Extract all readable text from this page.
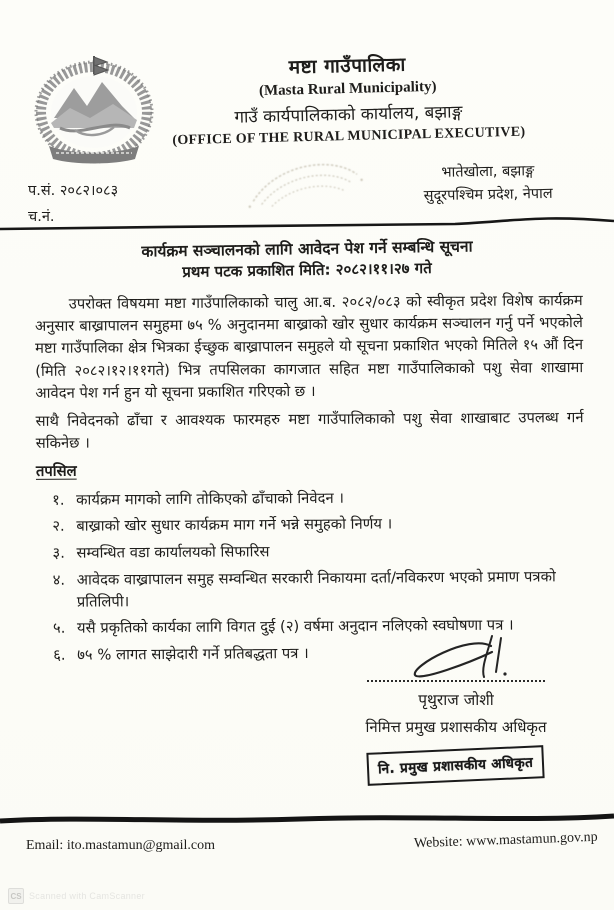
मष्टा गाउँपालिका
(Masta Rural Municipality)
गाउँ कार्यपालिकाको कार्यालय, बझाङ्ग
(OFFICE OF THE RURAL MUNICIPAL EXECUTIVE)
प.सं. २०८२।०८३
च.नं.
भातेखोला, बझाङ्ग
सुदूरपश्चिम प्रदेश, नेपाल
कार्यक्रम सञ्चालनको लागि आवेदन पेश गर्ने सम्बन्धि सूचना
प्रथम पटक प्रकाशित मिति: २०८२।११।२७ गते

उपरोक्त विषयमा मष्टा गाउँपालिकाको चालु आ.ब. २०८२/०८३ को स्वीकृत प्रदेश विशेष कार्यक्रम अनुसार बाख्रापालन समुहमा ७५ % अनुदानमा बाख्राको खोर सुधार कार्यक्रम सञ्चालन गर्नु पर्ने भएकोले मष्टा गाउँपालिका क्षेत्र भित्रका ईच्छुक बाख्रापालन समुहले यो सूचना प्रकाशित भएको मितिले १५ औं दिन (मिति २०८२।१२।११गते) भित्र तपसिलका कागजात सहित मष्टा गाउँपालिकाको पशु सेवा शाखामा आवेदन पेश गर्न हुन यो सूचना प्रकाशित गरिएको छ ।

साथै निवेदनको ढाँचा र आवश्यक फारमहरु मष्टा गाउँपालिकाको पशु सेवा शाखाबाट उपलब्ध गर्न सकिनेछ ।

तपसिल
१. कार्यक्रम मागको लागि तोकिएको ढाँचाको निवेदन ।
२. बाख्राको खोर सुधार कार्यक्रम माग गर्ने भन्ने समुहको निर्णय ।
३. सम्वन्धित वडा कार्यालयको सिफारिस
४. आवेदक वाख्रापालन समुह सम्वन्धित सरकारी निकायमा दर्ता/नविकरण भएको प्रमाण पत्रको प्रतिलिपी।
५. यसै प्रकृतिको कार्यका लागि विगत दुई (२) वर्षमा अनुदान नलिएको स्वघोषणा पत्र ।
६. ७५ % लागत साझेदारी गर्ने प्रतिबद्धता पत्र ।
पृथुराज जोशी
निमित्त प्रमुख प्रशासकीय अधिकृत
नि. प्रमुख प्रशासकीय अधिकृत
Email: ito.mastamun@gmail.com	Website: www.mastamun.gov.np
CS Scanned with CamScanner
